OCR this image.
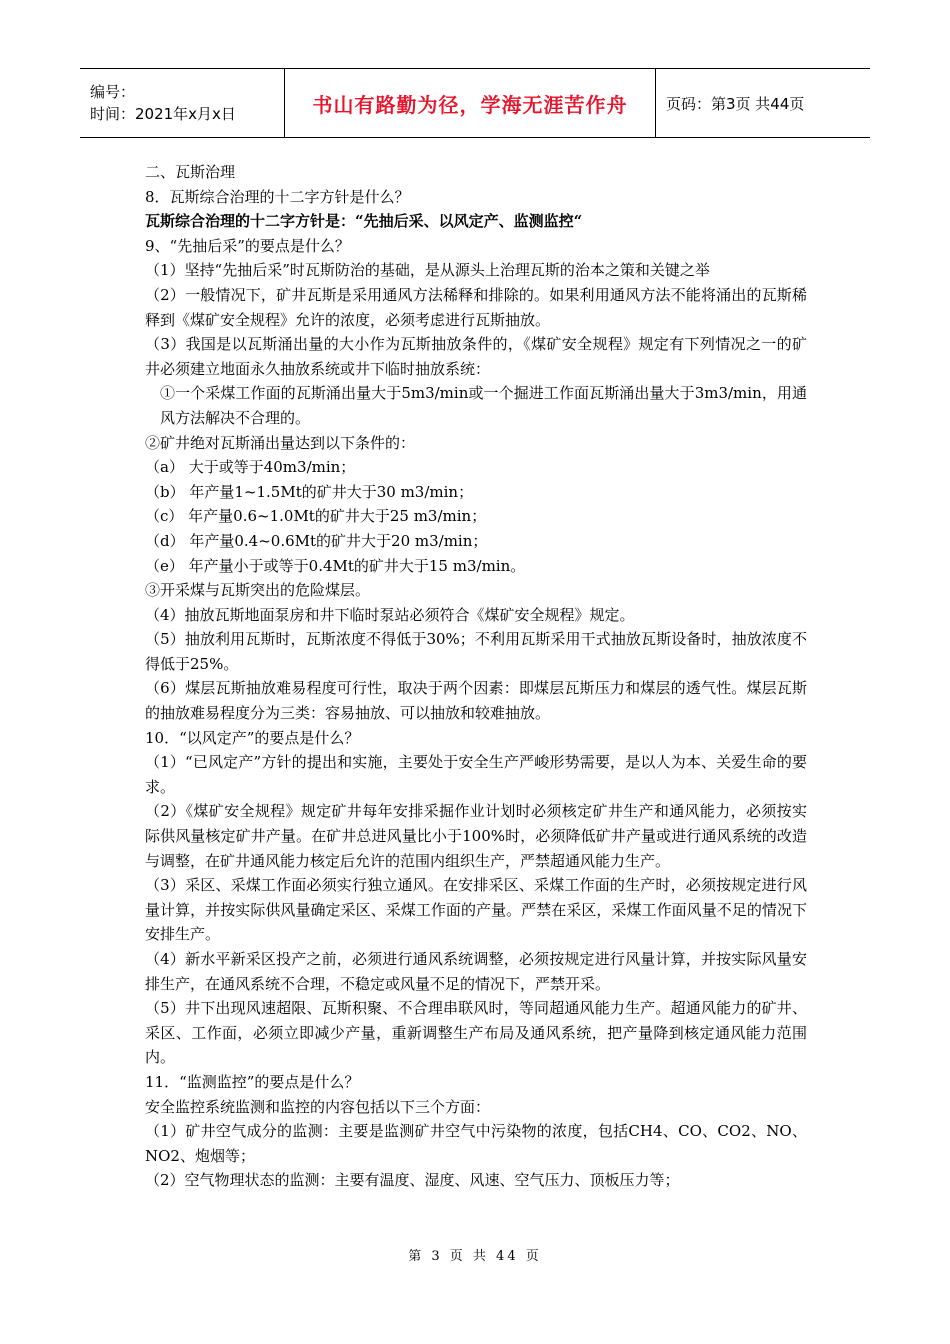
编号：
时间：2021年x月x日	书山有路勤为径，学海无涯苦作舟	页码：第3页 共44页

二、瓦斯治理

8．瓦斯综合治理的十二字方针是什么？

瓦斯综合治理的十二字方针是：“先抽后采、以风定产、监测监控“

9、“先抽后采”的要点是什么？

（1）坚持“先抽后采”时瓦斯防治的基础，是从源头上治理瓦斯的治本之策和关键之举

（2）一般情况下，矿井瓦斯是采用通风方法稀释和排除的。如果利用通风方法不能将涌出的瓦斯稀释到《煤矿安全规程》允许的浓度，必须考虑进行瓦斯抽放。

（3）我国是以瓦斯涌出量的大小作为瓦斯抽放条件的，《煤矿安全规程》规定有下列情况之一的矿井必须建立地面永久抽放系统或井下临时抽放系统：

①一个采煤工作面的瓦斯涌出量大于5m3/min或一个掘进工作面瓦斯涌出量大于3m3/min，用通风方法解决不合理的。

②矿井绝对瓦斯涌出量达到以下条件的：

（a） 大于或等于40m3/min；

（b） 年产量1~1.5Mt的矿井大于30 m3/min；

（c） 年产量0.6~1.0Mt的矿井大于25 m3/min；

（d） 年产量0.4~0.6Mt的矿井大于20 m3/min；

（e） 年产量小于或等于0.4Mt的矿井大于15 m3/min。

③开采煤与瓦斯突出的危险煤层。

（4）抽放瓦斯地面泵房和井下临时泵站必须符合《煤矿安全规程》规定。

（5）抽放利用瓦斯时，瓦斯浓度不得低于30%；不利用瓦斯采用干式抽放瓦斯设备时，抽放浓度不得低于25%。

（6）煤层瓦斯抽放难易程度可行性，取决于两个因素：即煤层瓦斯压力和煤层的透气性。煤层瓦斯的抽放难易程度分为三类：容易抽放、可以抽放和较难抽放。

10．“以风定产”的要点是什么？

（1）“已风定产”方针的提出和实施，主要处于安全生产严峻形势需要，是以人为本、关爱生命的要求。

（2）《煤矿安全规程》规定矿井每年安排采掘作业计划时必须核定矿井生产和通风能力，必须按实际供风量核定矿井产量。在矿井总进风量比小于100%时，必须降低矿井产量或进行通风系统的改造与调整，在矿井通风能力核定后允许的范围内组织生产，严禁超通风能力生产。

（3）采区、采煤工作面必须实行独立通风。在安排采区、采煤工作面的生产时，必须按规定进行风量计算，并按实际供风量确定采区、采煤工作面的产量。严禁在采区，采煤工作面风量不足的情况下安排生产。

（4）新水平新采区投产之前，必须进行通风系统调整，必须按规定进行风量计算，并按实际风量安排生产，在通风系统不合理，不稳定或风量不足的情况下，严禁开采。

（5）井下出现风速超限、瓦斯积聚、不合理串联风时，等同超通风能力生产。超通风能力的矿井、采区、工作面，必须立即减少产量，重新调整生产布局及通风系统，把产量降到核定通风能力范围内。

11．“监测监控”的要点是什么？

安全监控系统监测和监控的内容包括以下三个方面：

（1）矿井空气成分的监测：主要是监测矿井空气中污染物的浓度，包括CH4、CO、CO2、NO、NO2、炮烟等；

（2）空气物理状态的监测：主要有温度、湿度、风速、空气压力、顶板压力等；

第 3 页 共 44 页
